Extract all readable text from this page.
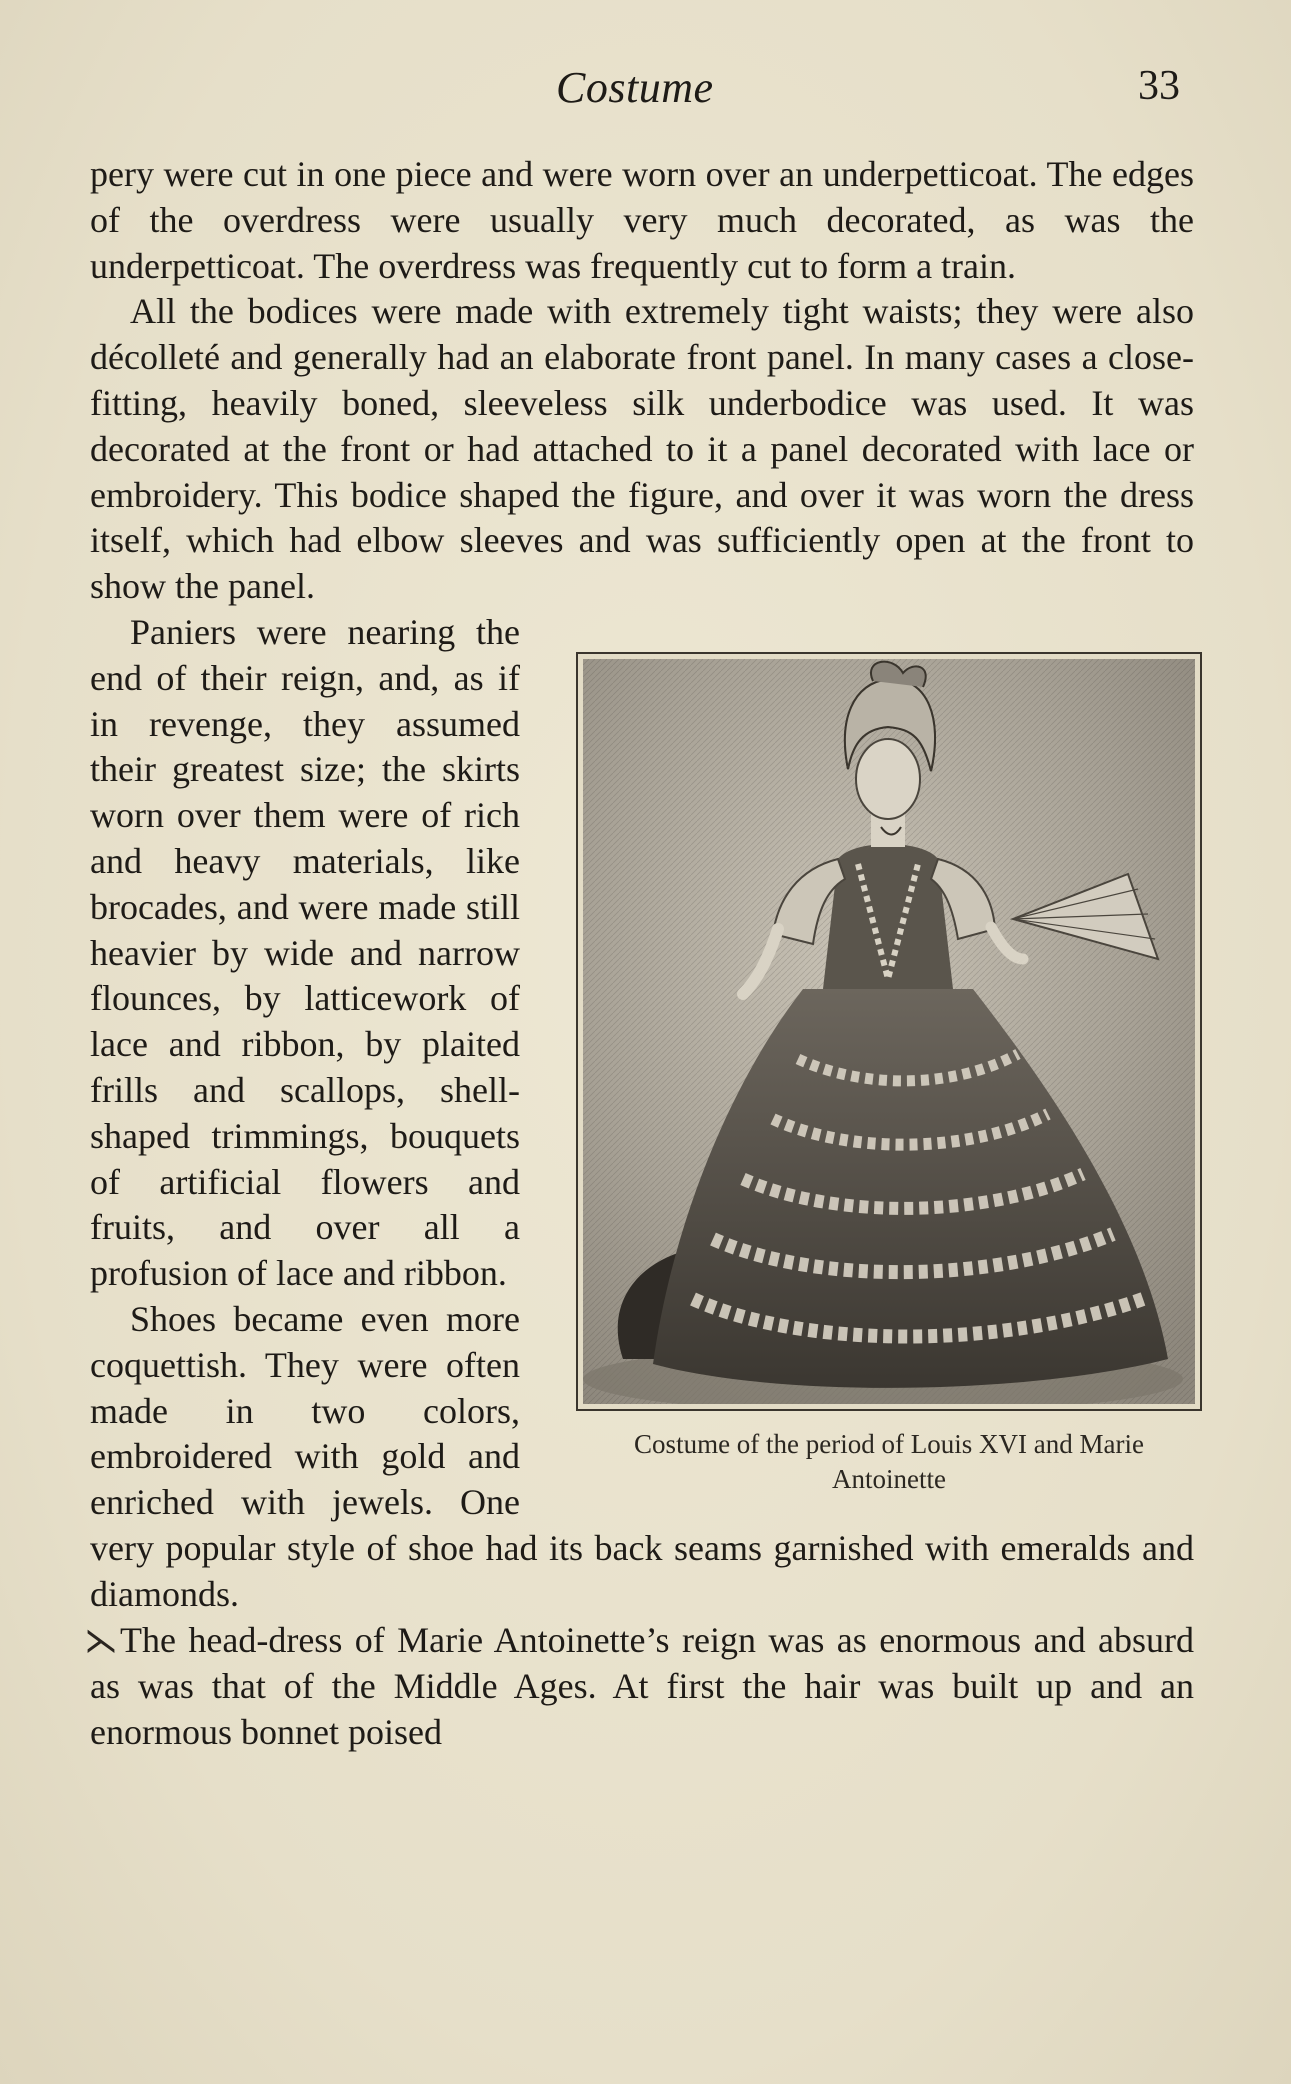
Costume	33

pery were cut in one piece and were worn over an underpetticoat. The edges of the overdress were usually very much decorated, as was the underpetticoat. The overdress was frequently cut to form a train.

All the bodices were made with extremely tight waists; they were also décolleté and generally had an elaborate front panel. In many cases a close-fitting, heavily boned, sleeveless silk underbodice was used. It was decorated at the front or had attached to it a panel decorated with lace or embroidery. This bodice shaped the figure, and over it was worn the dress itself, which had elbow sleeves and was sufficiently open at the front to show the panel.

Costume of the period of Louis XVI and Marie Antoinette

Paniers were nearing the end of their reign, and, as if in revenge, they assumed their greatest size; the skirts worn over them were of rich and heavy materials, like brocades, and were made still heavier by wide and narrow flounces, by latticework of lace and ribbon, by plaited frills and scallops, shell-shaped trimmings, bouquets of artificial flowers and fruits, and over all a profusion of lace and ribbon.

Shoes became even more coquettish. They were often made in two colors, embroidered with gold and enriched with jewels. One very popular style of shoe had its back seams garnished with emeralds and diamonds.

⋋The head-dress of Marie Antoinette’s reign was as enormous and absurd as was that of the Middle Ages. At first the hair was built up and an enormous bonnet poised
